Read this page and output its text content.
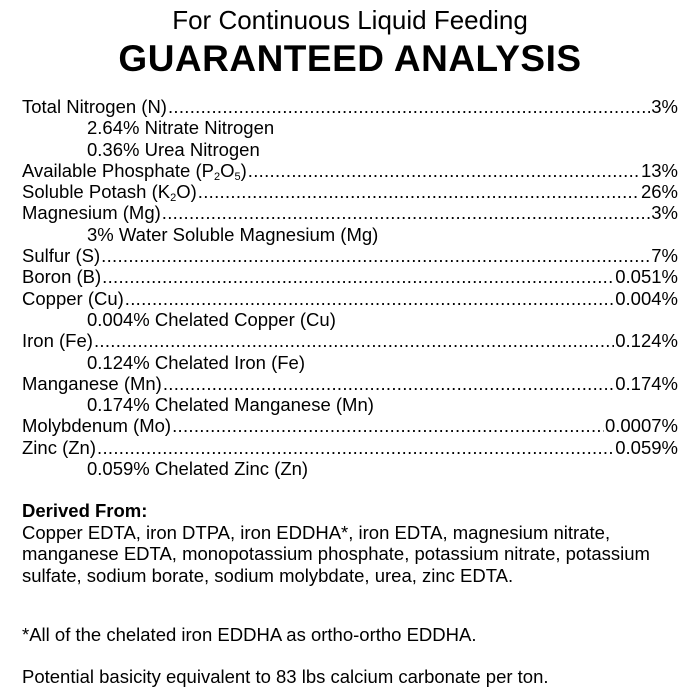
For Continuous Liquid Feeding
GUARANTEED ANALYSIS
Total Nitrogen (N) .....	3%
2.64% Nitrate Nitrogen
0.36% Urea Nitrogen
Available Phosphate $(P_2O_5)$ .....	13%
Soluble Potash $(K_2O)$ .....	26%
Magnesium (Mg) .....	3%
3% Water Soluble Magnesium (Mg)
Sulfur (S) .....	7%
Boron (B) .....	0.051%
Copper (Cu) .....	0.004%
0.004% Chelated Copper (Cu)
Iron (Fe) .....	0.124%
0.124% Chelated Iron (Fe)
Manganese (Mn) .....	0.174%
0.174% Chelated Manganese (Mn)
Molybdenum (Mo) .....	0.0007%
Zinc (Zn) .....	0.059%
0.059% Chelated Zinc (Zn)
Derived From:
Copper EDTA, iron DTPA, iron EDDHA*, iron EDTA, magnesium nitrate, manganese EDTA, monopotassium phosphate, potassium nitrate, potassium sulfate, sodium borate, sodium molybdate, urea, zinc EDTA.
*All of the chelated iron EDDHA as ortho-ortho EDDHA.
Potential basicity equivalent to 83 lbs calcium carbonate per ton.
